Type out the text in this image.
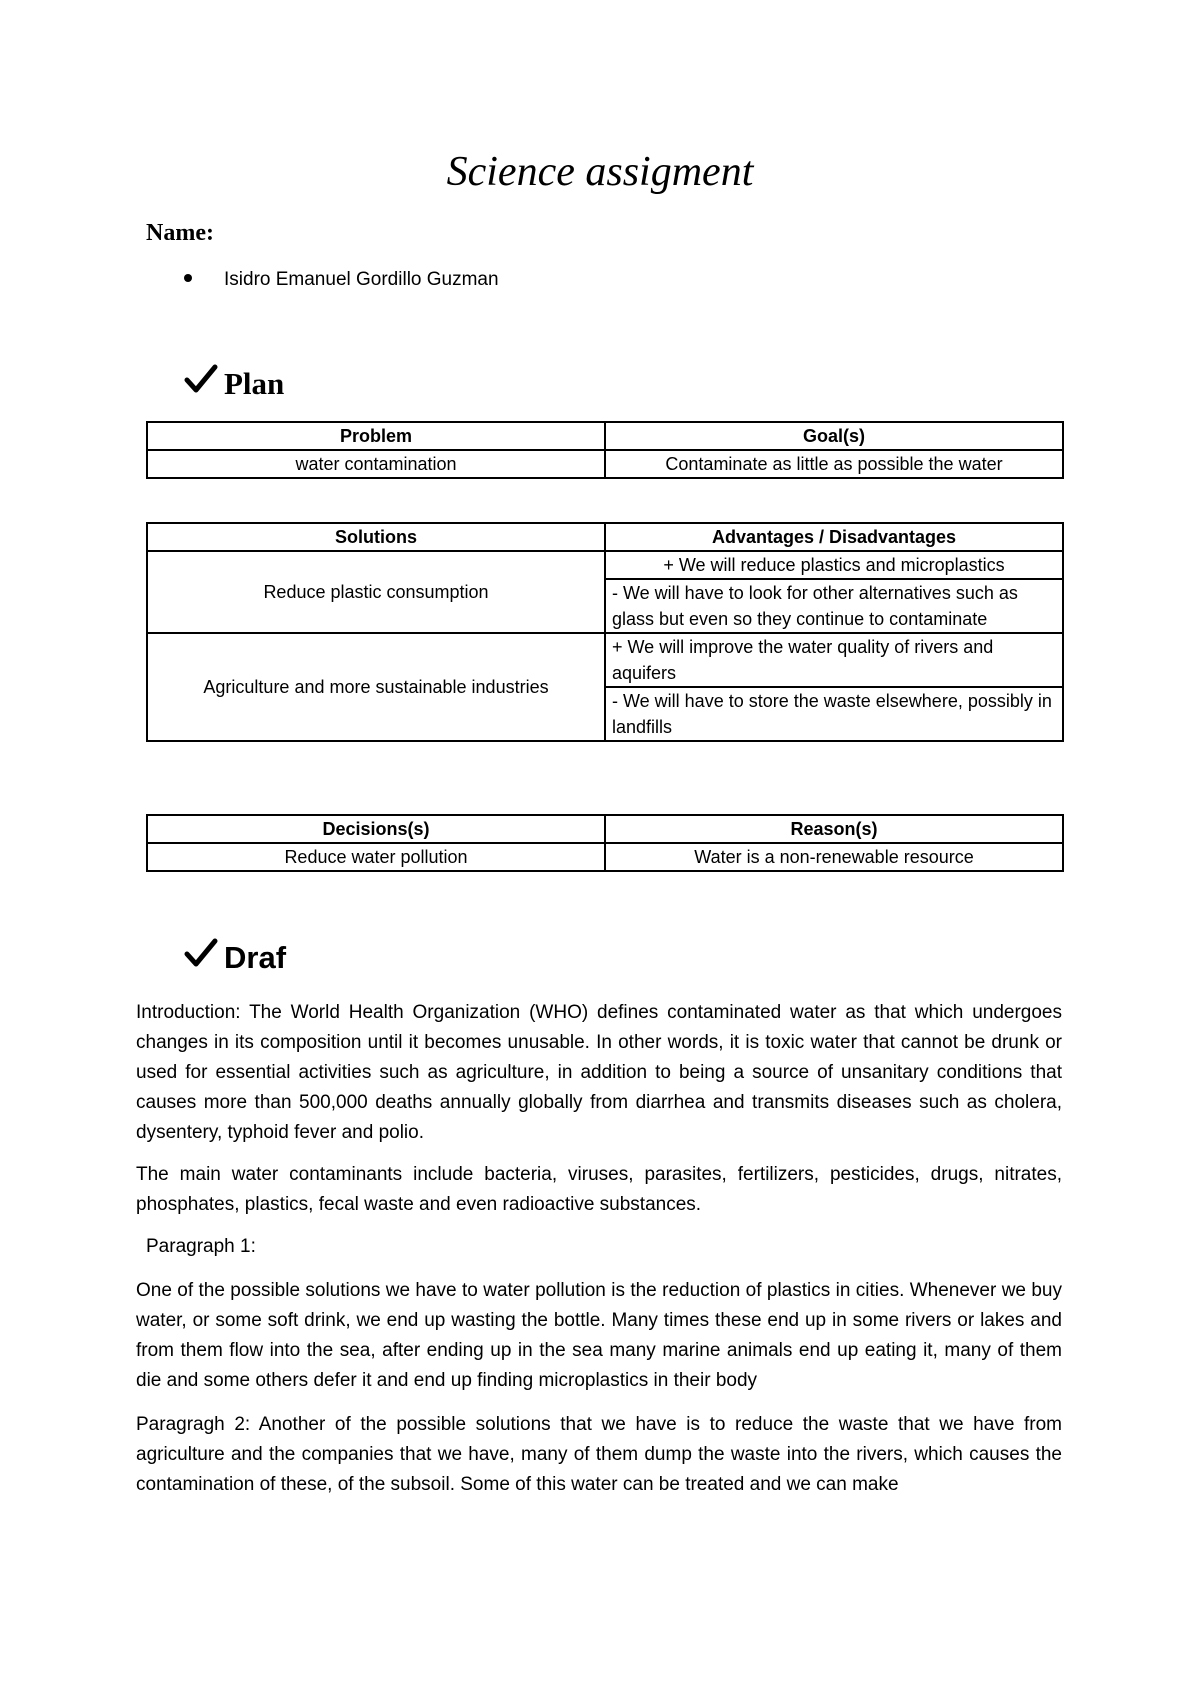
Science assigment
Name:
Isidro Emanuel Gordillo Guzman
Plan
Problem	Goal(s)
water contamination	Contaminate as little as possible the water
Solutions	Advantages / Disadvantages
Reduce plastic consumption	+ We will reduce plastics and microplastics
	- We will have to look for other alternatives such as glass but even so they continue to contaminate
Agriculture and more sustainable industries	+ We will improve the water quality of rivers and aquifers
	- We will have to store the waste elsewhere, possibly in landfills
Decisions(s)	Reason(s)
Reduce water pollution	Water is a non-renewable resource
Draf

Introduction: The World Health Organization (WHO) defines contaminated water as that which undergoes changes in its composition until it becomes unusable. In other words, it is toxic water that cannot be drunk or used for essential activities such as agriculture, in addition to being a source of unsanitary conditions that causes more than 500,000 deaths annually globally from diarrhea and transmits diseases such as cholera, dysentery, typhoid fever and polio.

The main water contaminants include bacteria, viruses, parasites, fertilizers, pesticides, drugs, nitrates, phosphates, plastics, fecal waste and even radioactive substances.

Paragraph 1:

One of the possible solutions we have to water pollution is the reduction of plastics in cities. Whenever we buy water, or some soft drink, we end up wasting the bottle. Many times these end up in some rivers or lakes and from them flow into the sea, after ending up in the sea many marine animals end up eating it, many of them die and some others defer it and end up finding microplastics in their body

Paragragh 2: Another of the possible solutions that we have is to reduce the waste that we have from agriculture and the companies that we have, many of them dump the waste into the rivers, which causes the contamination of these, of the subsoil. Some of this water can be treated and we can make
